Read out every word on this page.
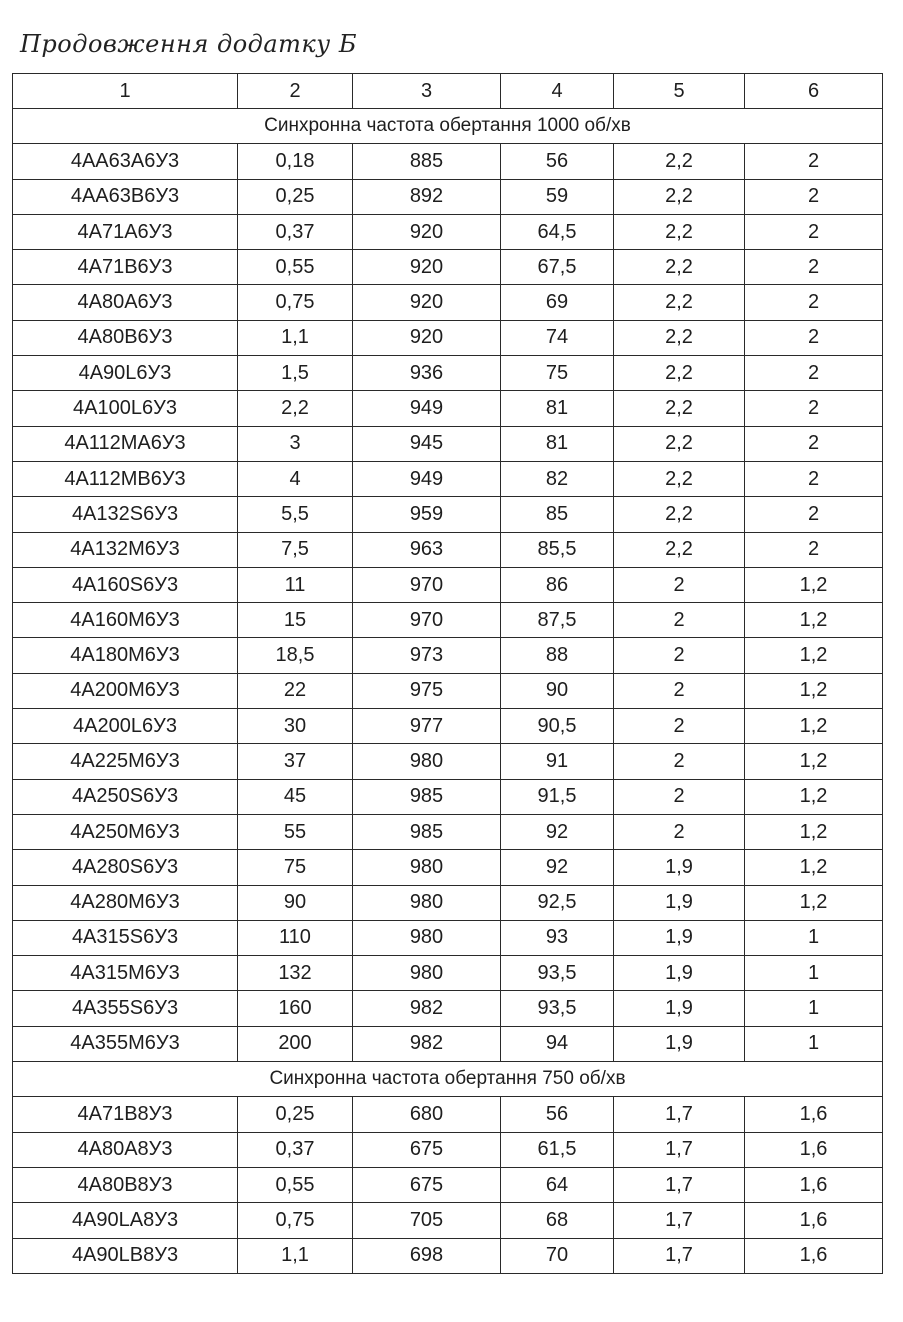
Продовження додатку Б
1	2	3	4	5	6
Синхронна частота обертання 1000 об/хв					
4АА63А6У3	0,18	885	56	2,2	2
4АА63В6У3	0,25	892	59	2,2	2
4А71А6У3	0,37	920	64,5	2,2	2
4А71В6У3	0,55	920	67,5	2,2	2
4А80А6У3	0,75	920	69	2,2	2
4А80В6У3	1,1	920	74	2,2	2
4А90L6У3	1,5	936	75	2,2	2
4А100L6У3	2,2	949	81	2,2	2
4А112МА6У3	3	945	81	2,2	2
4А112МВ6У3	4	949	82	2,2	2
4А132S6У3	5,5	959	85	2,2	2
4А132М6У3	7,5	963	85,5	2,2	2
4А160S6У3	11	970	86	2	1,2
4А160М6У3	15	970	87,5	2	1,2
4А180М6У3	18,5	973	88	2	1,2
4А200М6У3	22	975	90	2	1,2
4А200L6У3	30	977	90,5	2	1,2
4А225М6У3	37	980	91	2	1,2
4А250S6У3	45	985	91,5	2	1,2
4А250М6У3	55	985	92	2	1,2
4А280S6У3	75	980	92	1,9	1,2
4А280М6У3	90	980	92,5	1,9	1,2
4А315S6У3	110	980	93	1,9	1
4А315М6У3	132	980	93,5	1,9	1
4А355S6У3	160	982	93,5	1,9	1
4А355М6У3	200	982	94	1,9	1
Синхронна частота обертання 750 об/хв					
4А71В8У3	0,25	680	56	1,7	1,6
4А80А8У3	0,37	675	61,5	1,7	1,6
4А80В8У3	0,55	675	64	1,7	1,6
4А90LА8У3	0,75	705	68	1,7	1,6
4А90LВ8У3	1,1	698	70	1,7	1,6
